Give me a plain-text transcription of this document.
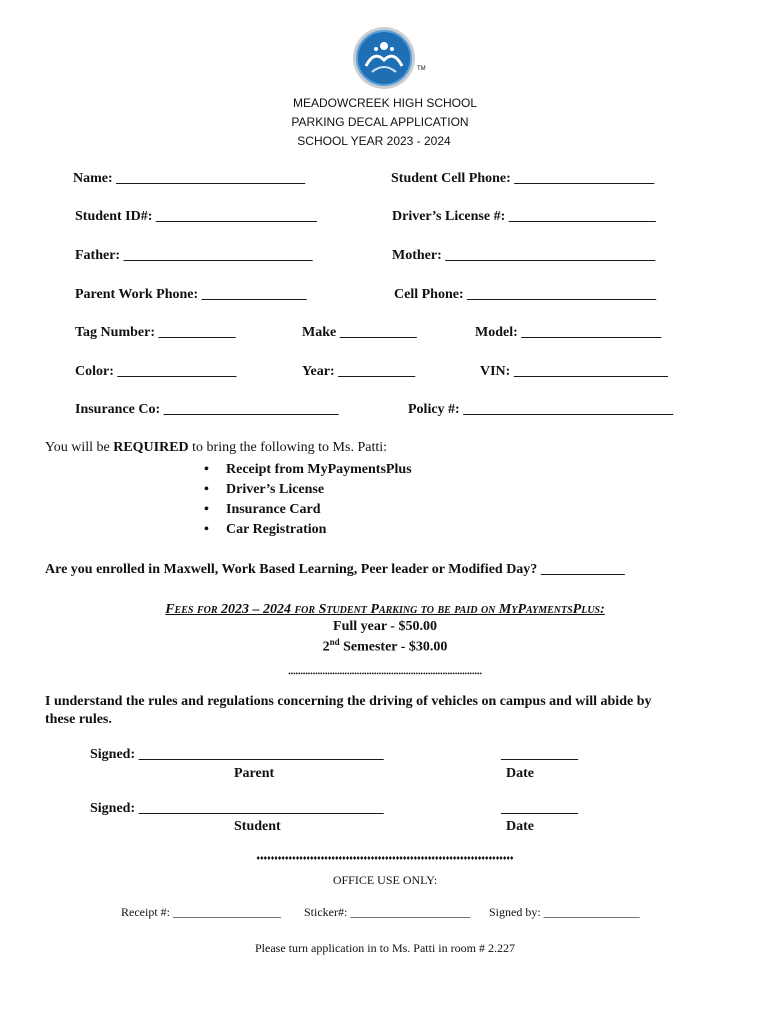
TM
MEADOWCREEK HIGH SCHOOL
PARKING DECAL APPLICATION
SCHOOL YEAR 2023 - 2024
Name: ___________________________	Student Cell Phone: ____________________
Student ID#: _______________________	Driver’s License #: _____________________
Father: ___________________________	Mother: ______________________________
Parent Work Phone: _______________	Cell Phone: ___________________________
Tag Number: ___________	Make ___________	Model: ____________________
Color: _________________	Year: ___________	VIN: ______________________
Insurance Co: _________________________	Policy #: ______________________________
You will be REQUIRED to bring the following to Ms. Patti:
• Receipt from MyPaymentsPlus
• Driver’s License
• Insurance Card
• Car Registration
Are you enrolled in Maxwell, Work Based Learning, Peer leader or Modified Day? ____________
Fees for 2023 – 2024 for Student Parking to be paid on MyPaymentsPlus:
Full year - $50.00
2nd Semester - $30.00
•••••••••••••••••••••••••••••••••••••••••••••••••••••••••••••••••••••••••••••••
I understand the rules and regulations concerning the driving of vehicles on campus and will abide by
these rules.
Signed: ___________________________________	___________
Parent	Date
Signed: ___________________________________	___________
Student	Date
♦♦♦♦♦♦♦♦♦♦♦♦♦♦♦♦♦♦♦♦♦♦♦♦♦♦♦♦♦♦♦♦♦♦♦♦♦♦♦♦♦♦♦♦♦♦♦♦♦♦♦♦♦♦♦♦♦♦♦♦♦♦♦♦♦♦♦♦♦♦♦♦
OFFICE USE ONLY:
Receipt #: __________________ Sticker#: ____________________ Signed by: ________________
Please turn application in to Ms. Patti in room # 2.227
